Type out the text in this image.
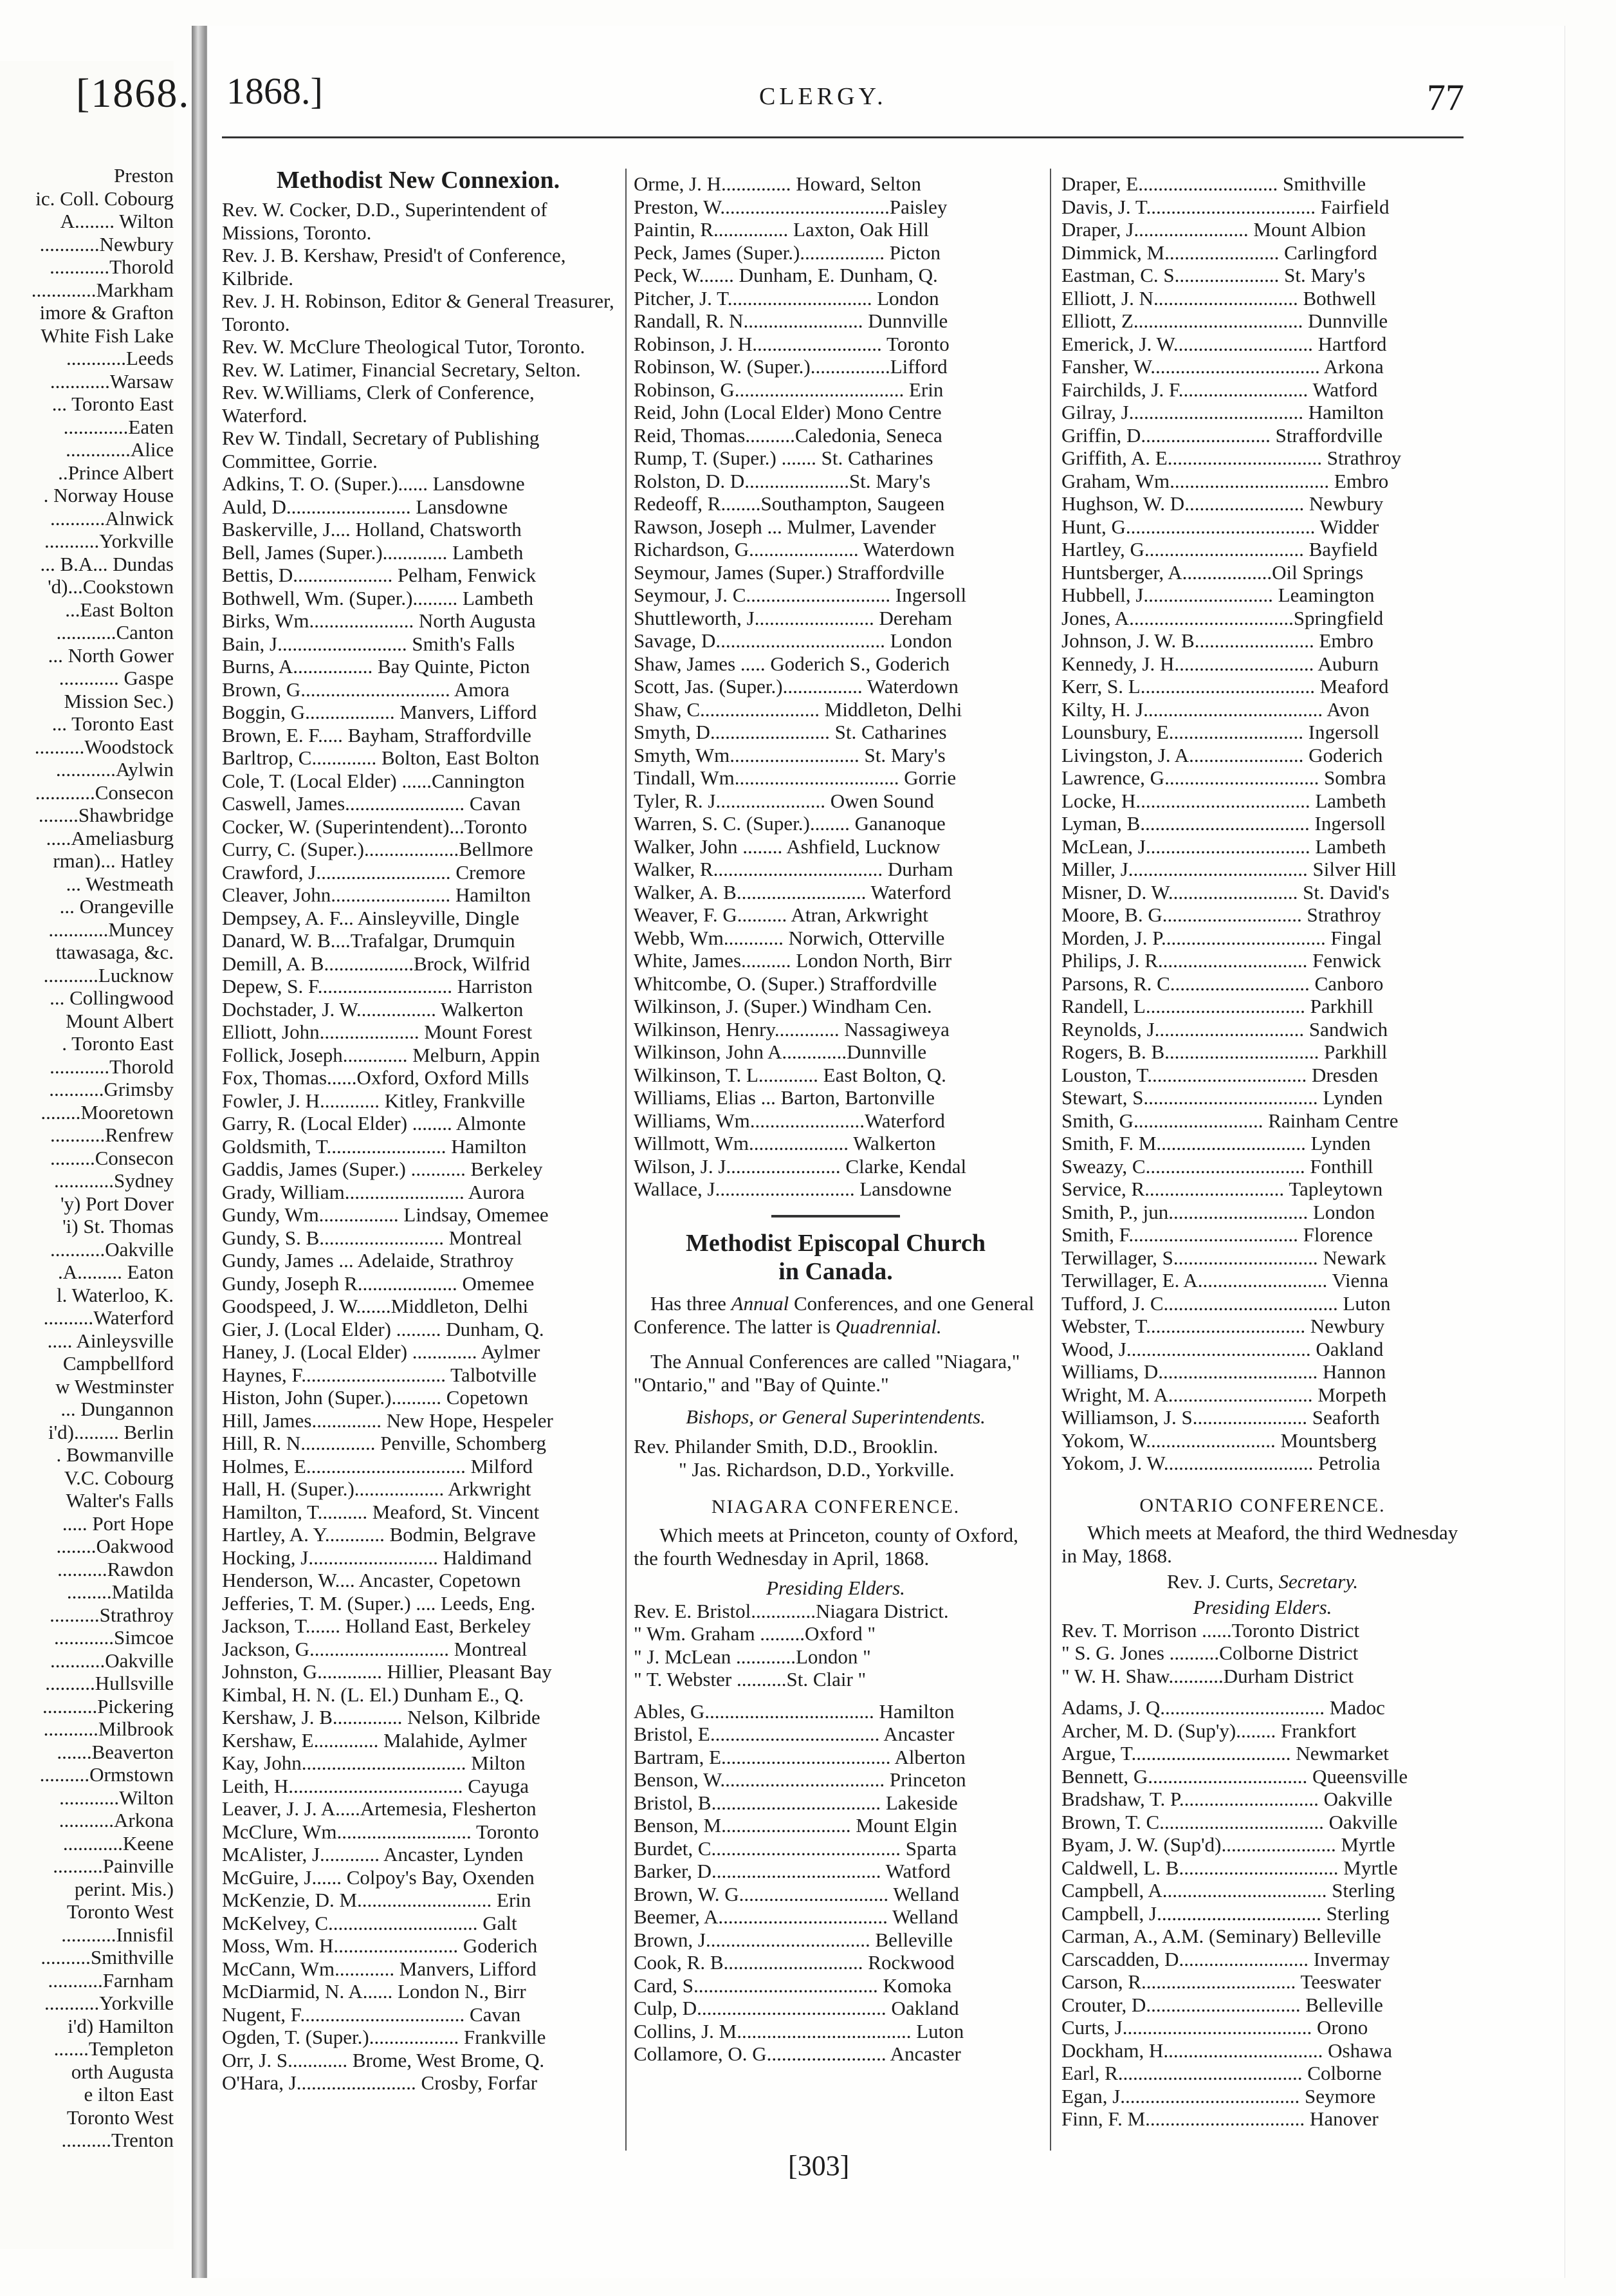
Preston
ic. Coll. Cobourg
A........ Wilton
............Newbury
............Thorold
.............Markham
imore & Grafton
White Fish Lake
............Leeds
............Warsaw
... Toronto East
.............Eaten
.............Alice
..Prince Albert
. Norway House
...........Alnwick
...........Yorkville
... B.A... Dundas
'd)...Cookstown
...East Bolton
............Canton
... North Gower
............ Gaspe
Mission Sec.)
... Toronto East
..........Woodstock
............Aylwin
............Consecon
........Shawbridge
.....Ameliasburg
rman)... Hatley
... Westmeath
... Orangeville
............Muncey
ttawasaga, &c.
...........Lucknow
... Collingwood
Mount Albert
. Toronto East
............Thorold
...........Grimsby
........Mooretown
...........Renfrew
.........Consecon
............Sydney
'y) Port Dover
'i) St. Thomas
...........Oakville
.A......... Eaton
l. Waterloo, K.
..........Waterford
..... Ainleysville
Campbellford
w Westminster
... Dungannon
i'd)......... Berlin
. Bowmanville
V.C. Cobourg
Walter's Falls
..... Port Hope
........Oakwood
..........Rawdon
.........Matilda
..........Strathroy
............Simcoe
...........Oakville
..........Hullsville
...........Pickering
...........Milbrook
.......Beaverton
..........Ormstown
............Wilton
...........Arkona
............Keene
..........Painville
perint. Mis.)
Toronto West
...........Innisfil
..........Smithville
...........Farnham
...........Yorkville
i'd) Hamilton
.......Templeton
orth Augusta
e ilton East
Toronto West
..........Trenton
[1868. 1868.]	CLERGY.	77
Methodist New Connexion.
Rev. W. Cocker, D.D., Superintendent of Missions, Toronto.
Rev. J. B. Kershaw, Presid't of Conference, Kilbride.
Rev. J. H. Robinson, Editor & General Treasurer, Toronto.
Rev. W. McClure Theological Tutor, Toronto.
Rev. W. Latimer, Financial Secretary, Selton.
Rev. W.Williams, Clerk of Conference, Waterford.
Rev W. Tindall, Secretary of Publishing Committee, Gorrie.
Adkins, T. O. (Super.)...... Lansdowne
Auld, D......................... Lansdowne
Baskerville, J.... Holland, Chatsworth
Bell, James (Super.)............. Lambeth
Bettis, D.................... Pelham, Fenwick
Bothwell, Wm. (Super.)......... Lambeth
Birks, Wm..................... North Augusta
Bain, J.......................... Smith's Falls
Burns, A................ Bay Quinte, Picton
Brown, G.............................. Amora
Boggin, G.................. Manvers, Lifford
Brown, E. F..... Bayham, Straffordville
Barltrop, C............. Bolton, East Bolton
Cole, T. (Local Elder) ......Cannington
Caswell, James........................ Cavan
Cocker, W. (Superintendent)...Toronto
Curry, C. (Super.)...................Bellmore
Crawford, J........................... Cremore
Cleaver, John........................ Hamilton
Dempsey, A. F... Ainsleyville, Dingle
Danard, W. B....Trafalgar, Drumquin
Demill, A. B..................Brock, Wilfrid
Depew, S. F........................... Harriston
Dochstader, J. W................ Walkerton
Elliott, John.................... Mount Forest
Follick, Joseph............. Melburn, Appin
Fox, Thomas......Oxford, Oxford Mills
Fowler, J. H............ Kitley, Frankville
Garry, R. (Local Elder) ........ Almonte
Goldsmith, T........................ Hamilton
Gaddis, James (Super.) ........... Berkeley
Grady, William........................ Aurora
Gundy, Wm................ Lindsay, Omemee
Gundy, S. B......................... Montreal
Gundy, James ... Adelaide, Strathroy
Gundy, Joseph R.................... Omemee
Goodspeed, J. W.......Middleton, Delhi
Gier, J. (Local Elder) ......... Dunham, Q.
Haney, J. (Local Elder) ............. Aylmer
Haynes, F............................. Talbotville
Histon, John (Super.).......... Copetown
Hill, James.............. New Hope, Hespeler
Hill, R. N............... Penville, Schomberg
Holmes, E................................ Milford
Hall, H. (Super.).................. Arkwright
Hamilton, T.......... Meaford, St. Vincent
Hartley, A. Y............ Bodmin, Belgrave
Hocking, J.......................... Haldimand
Henderson, W.... Ancaster, Copetown
Jefferies, T. M. (Super.) .... Leeds, Eng.
Jackson, T....... Holland East, Berkeley
Jackson, G............................ Montreal
Johnston, G............. Hillier, Pleasant Bay
Kimbal, H. N. (L. El.) Dunham E., Q.
Kershaw, J. B.............. Nelson, Kilbride
Kershaw, E............. Malahide, Aylmer
Kay, John................................. Milton
Leith, H................................... Cayuga
Leaver, J. J. A.....Artemesia, Flesherton
McClure, Wm........................... Toronto
McAlister, J............ Ancaster, Lynden
McGuire, J...... Colpoy's Bay, Oxenden
McKenzie, D. M........................... Erin
McKelvey, C.............................. Galt
Moss, Wm. H......................... Goderich
McCann, Wm............ Manvers, Lifford
McDiarmid, N. A...... London N., Birr
Nugent, F................................. Cavan
Ogden, T. (Super.).................. Frankville
Orr, J. S............ Brome, West Brome, Q.
O'Hara, J........................ Crosby, Forfar
Orme, J. H.............. Howard, Selton
Preston, W..................................Paisley
Paintin, R............... Laxton, Oak Hill
Peck, James (Super.)................. Picton
Peck, W....... Dunham, E. Dunham, Q.
Pitcher, J. T............................. London
Randall, R. N........................ Dunnville
Robinson, J. H.......................... Toronto
Robinson, W. (Super.)................Lifford
Robinson, G.................................. Erin
Reid, John (Local Elder) Mono Centre
Reid, Thomas..........Caledonia, Seneca
Rump, T. (Super.) ....... St. Catharines
Rolston, D. D.....................St. Mary's
Redeoff, R........Southampton, Saugeen
Rawson, Joseph ... Mulmer, Lavender
Richardson, G...................... Waterdown
Seymour, James (Super.) Straffordville
Seymour, J. C............................. Ingersoll
Shuttleworth, J........................ Dereham
Savage, D.................................. London
Shaw, James ..... Goderich S., Goderich
Scott, Jas. (Super.)................ Waterdown
Shaw, C........................ Middleton, Delhi
Smyth, D........................ St. Catharines
Smyth, Wm.......................... St. Mary's
Tindall, Wm................................. Gorrie
Tyler, R. J...................... Owen Sound
Warren, S. C. (Super.)........ Gananoque
Walker, John ........ Ashfield, Lucknow
Walker, R.................................. Durham
Walker, A. B.......................... Waterford
Weaver, F. G.......... Atran, Arkwright
Webb, Wm............ Norwich, Otterville
White, James.......... London North, Birr
Whitcombe, O. (Super.) Straffordville
Wilkinson, J. (Super.) Windham Cen.
Wilkinson, Henry............. Nassagiweya
Wilkinson, John A.............Dunnville
Wilkinson, T. L............ East Bolton, Q.
Williams, Elias ... Barton, Bartonville
Williams, Wm.......................Waterford
Willmott, Wm.................... Walkerton
Wilson, J. J....................... Clarke, Kendal
Wallace, J............................ Lansdowne
Methodist Episcopal Church
in Canada.
Has three Annual Conferences, and one General Conference. The latter is Quadrennial.
The Annual Conferences are called "Niagara," "Ontario," and "Bay of Quinte."
Bishops, or General Superintendents.
Rev. Philander Smith, D.D., Brooklin.
" Jas. Richardson, D.D., Yorkville.
NIAGARA CONFERENCE.
Which meets at Princeton, county of Oxford, the fourth Wednesday in April, 1868.
Presiding Elders.
Rev. E. Bristol.............Niagara District.
" Wm. Graham .........Oxford "
" J. McLean ............London "
" T. Webster ..........St. Clair "
Ables, G.................................. Hamilton
Bristol, E.................................. Ancaster
Bartram, E.................................. Alberton
Benson, W................................. Princeton
Bristol, B.................................. Lakeside
Benson, M.......................... Mount Elgin
Burdet, C...................................... Sparta
Barker, D.................................. Watford
Brown, W. G.............................. Welland
Beemer, A.................................. Welland
Brown, J................................. Belleville
Cook, R. B............................ Rockwood
Card, S..................................... Komoka
Culp, D...................................... Oakland
Collins, J. M................................... Luton
Collamore, O. G........................ Ancaster
Draper, E............................ Smithville
Davis, J. T.................................. Fairfield
Draper, J....................... Mount Albion
Dimmick, M....................... Carlingford
Eastman, C. S..................... St. Mary's
Elliott, J. N............................. Bothwell
Elliott, Z.................................. Dunnville
Emerick, J. W............................ Hartford
Fansher, W.................................. Arkona
Fairchilds, J. F.......................... Watford
Gilray, J................................... Hamilton
Griffin, D.......................... Straffordville
Griffith, A. E............................... Strathroy
Graham, Wm................................ Embro
Hughson, W. D........................ Newbury
Hunt, G...................................... Widder
Hartley, G................................ Bayfield
Huntsberger, A..................Oil Springs
Hubbell, J.......................... Leamington
Jones, A.................................Springfield
Johnson, J. W. B........................ Embro
Kennedy, J. H............................ Auburn
Kerr, S. L................................... Meaford
Kilty, H. J.................................... Avon
Lounsbury, E........................... Ingersoll
Livingston, J. A....................... Goderich
Lawrence, G............................... Sombra
Locke, H................................... Lambeth
Lyman, B.................................. Ingersoll
McLean, J................................. Lambeth
Miller, J.................................... Silver Hill
Misner, D. W.......................... St. David's
Moore, B. G............................ Strathroy
Morden, J. P................................. Fingal
Philips, J. R.............................. Fenwick
Parsons, R. C............................ Canboro
Randell, L................................ Parkhill
Reynolds, J.............................. Sandwich
Rogers, B. B............................... Parkhill
Louston, T................................ Dresden
Stewart, S................................... Lynden
Smith, G.......................... Rainham Centre
Smith, F. M.............................. Lynden
Sweazy, C................................ Fonthill
Service, R............................ Tapleytown
Smith, P., jun............................ London
Smith, F.................................. Florence
Terwillager, S............................. Newark
Terwillager, E. A.......................... Vienna
Tufford, J. C................................... Luton
Webster, T................................ Newbury
Wood, J..................................... Oakland
Williams, D................................ Hannon
Wright, M. A............................. Morpeth
Williamson, J. S....................... Seaforth
Yokom, W.......................... Mountsberg
Yokom, J. W.............................. Petrolia
ONTARIO CONFERENCE.
Which meets at Meaford, the third Wednesday in May, 1868.
Rev. J. Curts, Secretary.
Presiding Elders.
Rev. T. Morrison ......Toronto District
" S. G. Jones ..........Colborne District
" W. H. Shaw...........Durham District
Adams, J. Q................................. Madoc
Archer, M. D. (Sup'y)........ Frankfort
Argue, T................................ Newmarket
Bennett, G................................ Queensville
Bradshaw, T. P............................ Oakville
Brown, T. C................................. Oakville
Byam, J. W. (Sup'd)....................... Myrtle
Caldwell, L. B................................ Myrtle
Campbell, A................................. Sterling
Campbell, J................................. Sterling
Carman, A., A.M. (Seminary) Belleville
Carscadden, D.......................... Invermay
Carson, R............................... Teeswater
Crouter, D............................... Belleville
Curts, J...................................... Orono
Dockham, H................................ Oshawa
Earl, R..................................... Colborne
Egan, J.................................... Seymore
Finn, F. M................................ Hanover
[303]
